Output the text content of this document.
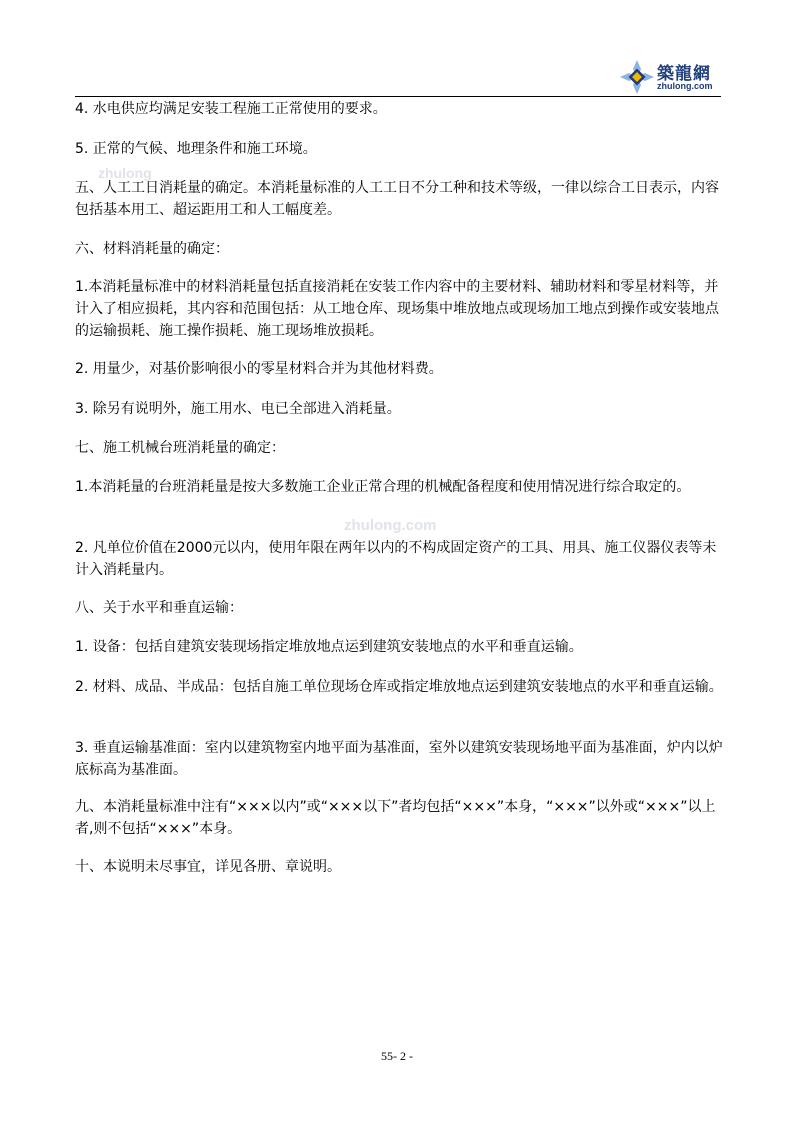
築龍網
zhulong.com
zhulong
zhulong.com

4. 水电供应均满足安装工程施工正常使用的要求。

5. 正常的气候、地理条件和施工环境。

五、人工工日消耗量的确定。本消耗量标准的人工工日不分工种和技术等级，一律以综合工日表示，内容包括基本用工、超运距用工和人工幅度差。

六、材料消耗量的确定：

1.本消耗量标准中的材料消耗量包括直接消耗在安装工作内容中的主要材料、辅助材料和零星材料等，并计入了相应损耗，其内容和范围包括：从工地仓库、现场集中堆放地点或现场加工地点到操作或安装地点的运输损耗、施工操作损耗、施工现场堆放损耗。

2. 用量少，对基价影响很小的零星材料合并为其他材料费。

3. 除另有说明外，施工用水、电已全部进入消耗量。

七、施工机械台班消耗量的确定：

1.本消耗量的台班消耗量是按大多数施工企业正常合理的机械配备程度和使用情况进行综合取定的。

2. 凡单位价值在2000元以内，使用年限在两年以内的不构成固定资产的工具、用具、施工仪器仪表等未计入消耗量内。

八、关于水平和垂直运输：

1. 设备：包括自建筑安装现场指定堆放地点运到建筑安装地点的水平和垂直运输。

2. 材料、成品、半成品：包括自施工单位现场仓库或指定堆放地点运到建筑安装地点的水平和垂直运输。

3. 垂直运输基准面：室内以建筑物室内地平面为基准面，室外以建筑安装现场地平面为基准面，炉内以炉底标高为基准面。

九、本消耗量标准中注有“×××以内”或“×××以下”者均包括“×××”本身，“×××”以外或“×××”以上者,则不包括“×××”本身。

十、本说明未尽事宜，详见各册、章说明。

55- 2 -
